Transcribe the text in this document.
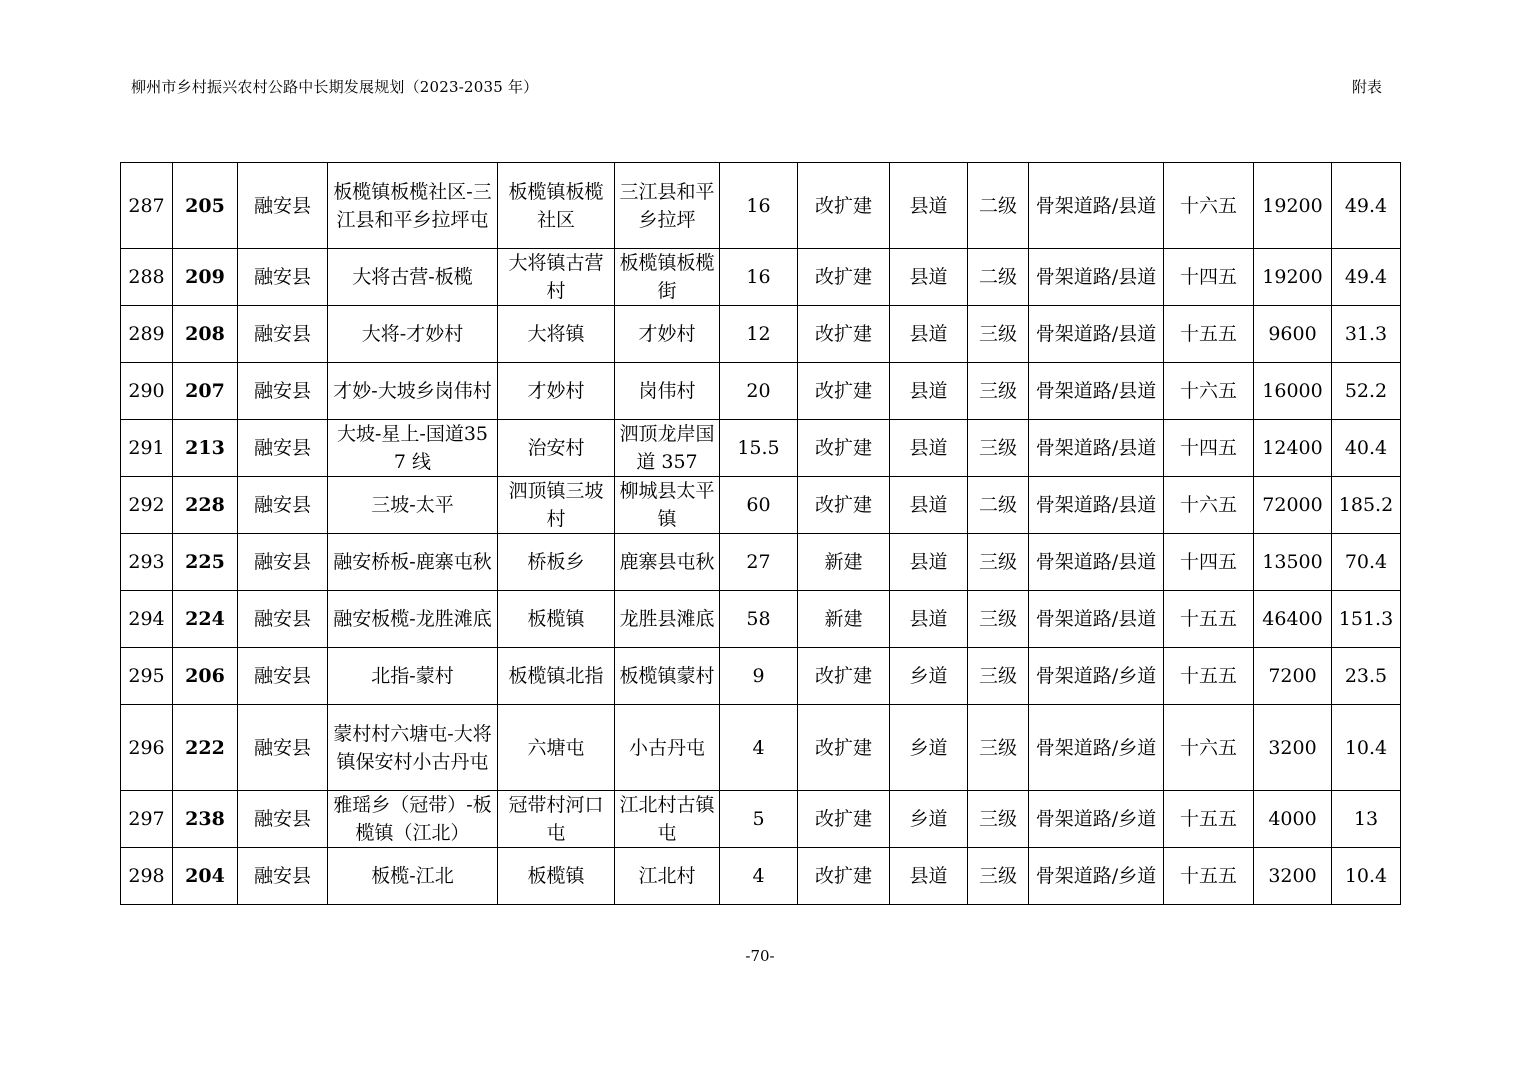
柳州市乡村振兴农村公路中长期发展规划（2023-2035 年）	附表
287	205	融安县	板榄镇板榄社区-三江县和平乡拉坪屯	板榄镇板榄社区	三江县和平乡拉坪	16	改扩建	县道	二级	骨架道路/县道	十六五	19200	49.4
288	209	融安县	大将古营-板榄	大将镇古营村	板榄镇板榄街	16	改扩建	县道	二级	骨架道路/县道	十四五	19200	49.4
289	208	融安县	大将-才妙村	大将镇	才妙村	12	改扩建	县道	三级	骨架道路/县道	十五五	9600	31.3
290	207	融安县	才妙-大坡乡岗伟村	才妙村	岗伟村	20	改扩建	县道	三级	骨架道路/县道	十六五	16000	52.2
291	213	融安县	大坡-星上-国道357 线	治安村	泗顶龙岸国道 357	15.5	改扩建	县道	三级	骨架道路/县道	十四五	12400	40.4
292	228	融安县	三坡-太平	泗顶镇三坡村	柳城县太平镇	60	改扩建	县道	二级	骨架道路/县道	十六五	72000	185.2
293	225	融安县	融安桥板-鹿寨屯秋	桥板乡	鹿寨县屯秋	27	新建	县道	三级	骨架道路/县道	十四五	13500	70.4
294	224	融安县	融安板榄-龙胜滩底	板榄镇	龙胜县滩底	58	新建	县道	三级	骨架道路/县道	十五五	46400	151.3
295	206	融安县	北指-蒙村	板榄镇北指	板榄镇蒙村	9	改扩建	乡道	三级	骨架道路/乡道	十五五	7200	23.5
296	222	融安县	蒙村村六塘屯-大将镇保安村小古丹屯	六塘屯	小古丹屯	4	改扩建	乡道	三级	骨架道路/乡道	十六五	3200	10.4
297	238	融安县	雅瑶乡（冠带）-板榄镇（江北）	冠带村河口屯	江北村古镇屯	5	改扩建	乡道	三级	骨架道路/乡道	十五五	4000	13
298	204	融安县	板榄-江北	板榄镇	江北村	4	改扩建	县道	三级	骨架道路/乡道	十五五	3200	10.4
-70-
